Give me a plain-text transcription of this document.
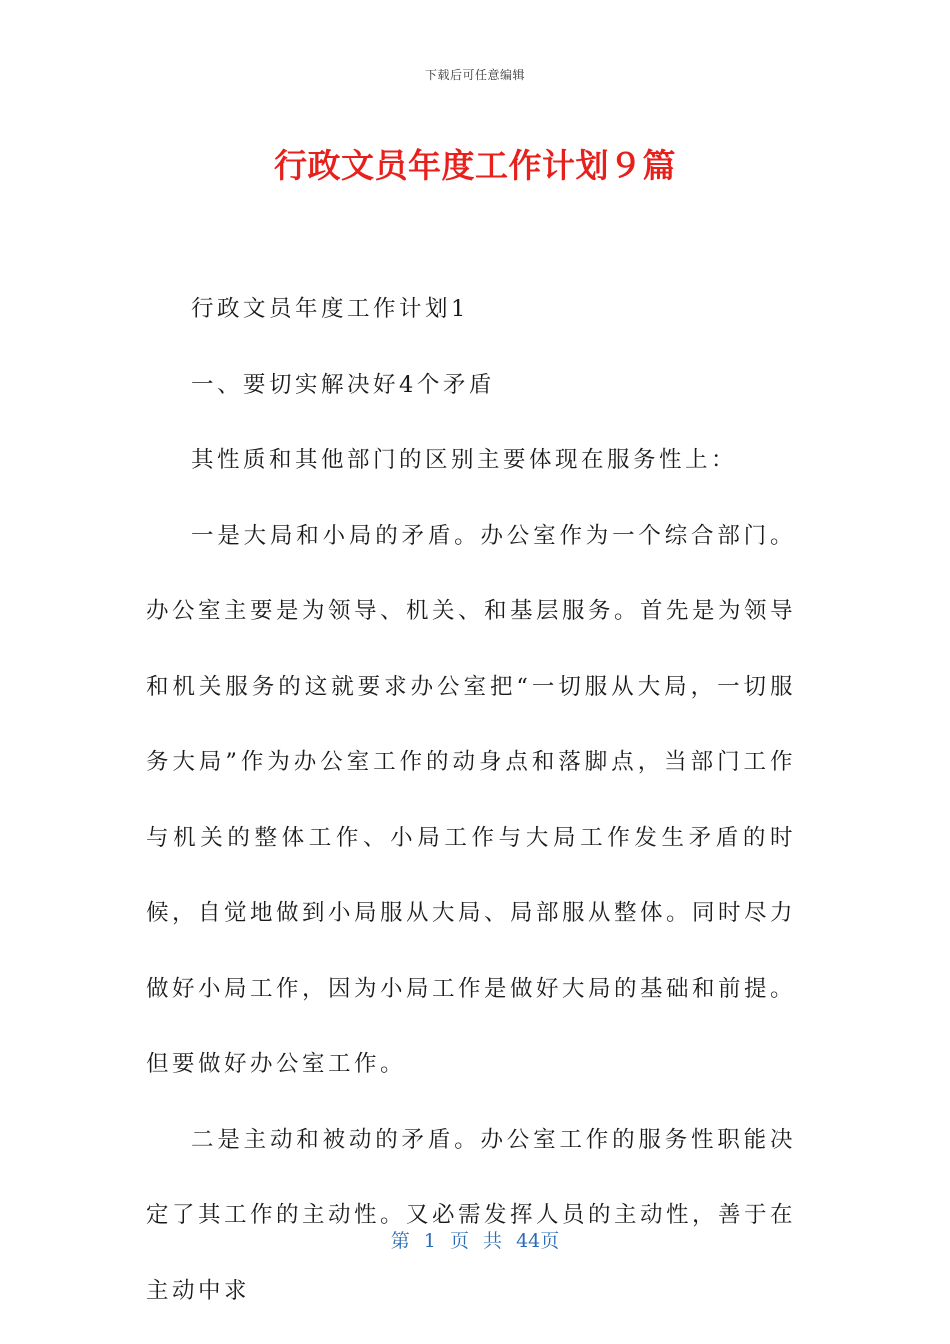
下载后可任意编辑
行政文员年度工作计划９篇

行政文员年度工作计划1

一、要切实解决好4个矛盾

其性质和其他部门的区别主要体现在服务性上：

一是大局和小局的矛盾。办公室作为一个综合部门。办公室主要是为领导、机关、和基层服务。首先是为领导和机关服务的这就要求办公室把“一切服从大局，一切服务大局”作为办公室工作的动身点和落脚点，当部门工作与机关的整体工作、小局工作与大局工作发生矛盾的时候，自觉地做到小局服从大局、局部服从整体。同时尽力做好小局工作，因为小局工作是做好大局的基础和前提。但要做好办公室工作。

二是主动和被动的矛盾。办公室工作的服务性职能决定了其工作的主动性。又必需发挥人员的主动性，善于在主动中求

第 1 页 共 44页
